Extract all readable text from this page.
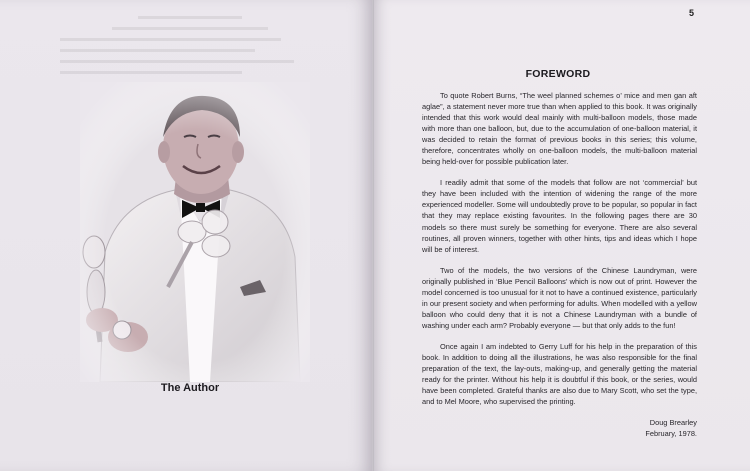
The Author
5
FOREWORD

To quote Robert Burns, “The weel planned schemes o’ mice and men gan aft aglae”, a statement never more true than when applied to this book. It was originally intended that this work would deal mainly with multi-balloon models, those made with more than one balloon, but, due to the accumulation of one-balloon material, it was decided to retain the format of previous books in this series; this volume, therefore, concentrates wholly on one-balloon models, the multi-balloon material being held-over for possible publication later.

I readily admit that some of the models that follow are not ‘commercial’ but they have been included with the intention of widening the range of the more experienced modeller. Some will undoubtedly prove to be popular, so popular in fact that they may replace existing favourites. In the following pages there are 30 models so there must surely be something for everyone. There are also several routines, all proven winners, together with other hints, tips and ideas which I hope will be of interest.

Two of the models, the two versions of the Chinese Laundryman, were originally published in ‘Blue Pencil Balloons’ which is now out of print. However the model concerned is too unusual for it not to have a continued existence, particularly in our present society and when performing for adults. When modelled with a yellow balloon who could deny that it is not a Chinese Laundryman with a bundle of washing under each arm? Probably everyone — but that only adds to the fun!

Once again I am indebted to Gerry Luff for his help in the preparation of this book. In addition to doing all the illustrations, he was also responsible for the final preparation of the text, the lay-outs, making-up, and generally getting the material ready for the printer. Without his help it is doubtful if this book, or the series, would have been completed. Grateful thanks are also due to Mary Scott, who set the type, and to Mel Moore, who supervised the printing.

Doug Brearley
February, 1978.
